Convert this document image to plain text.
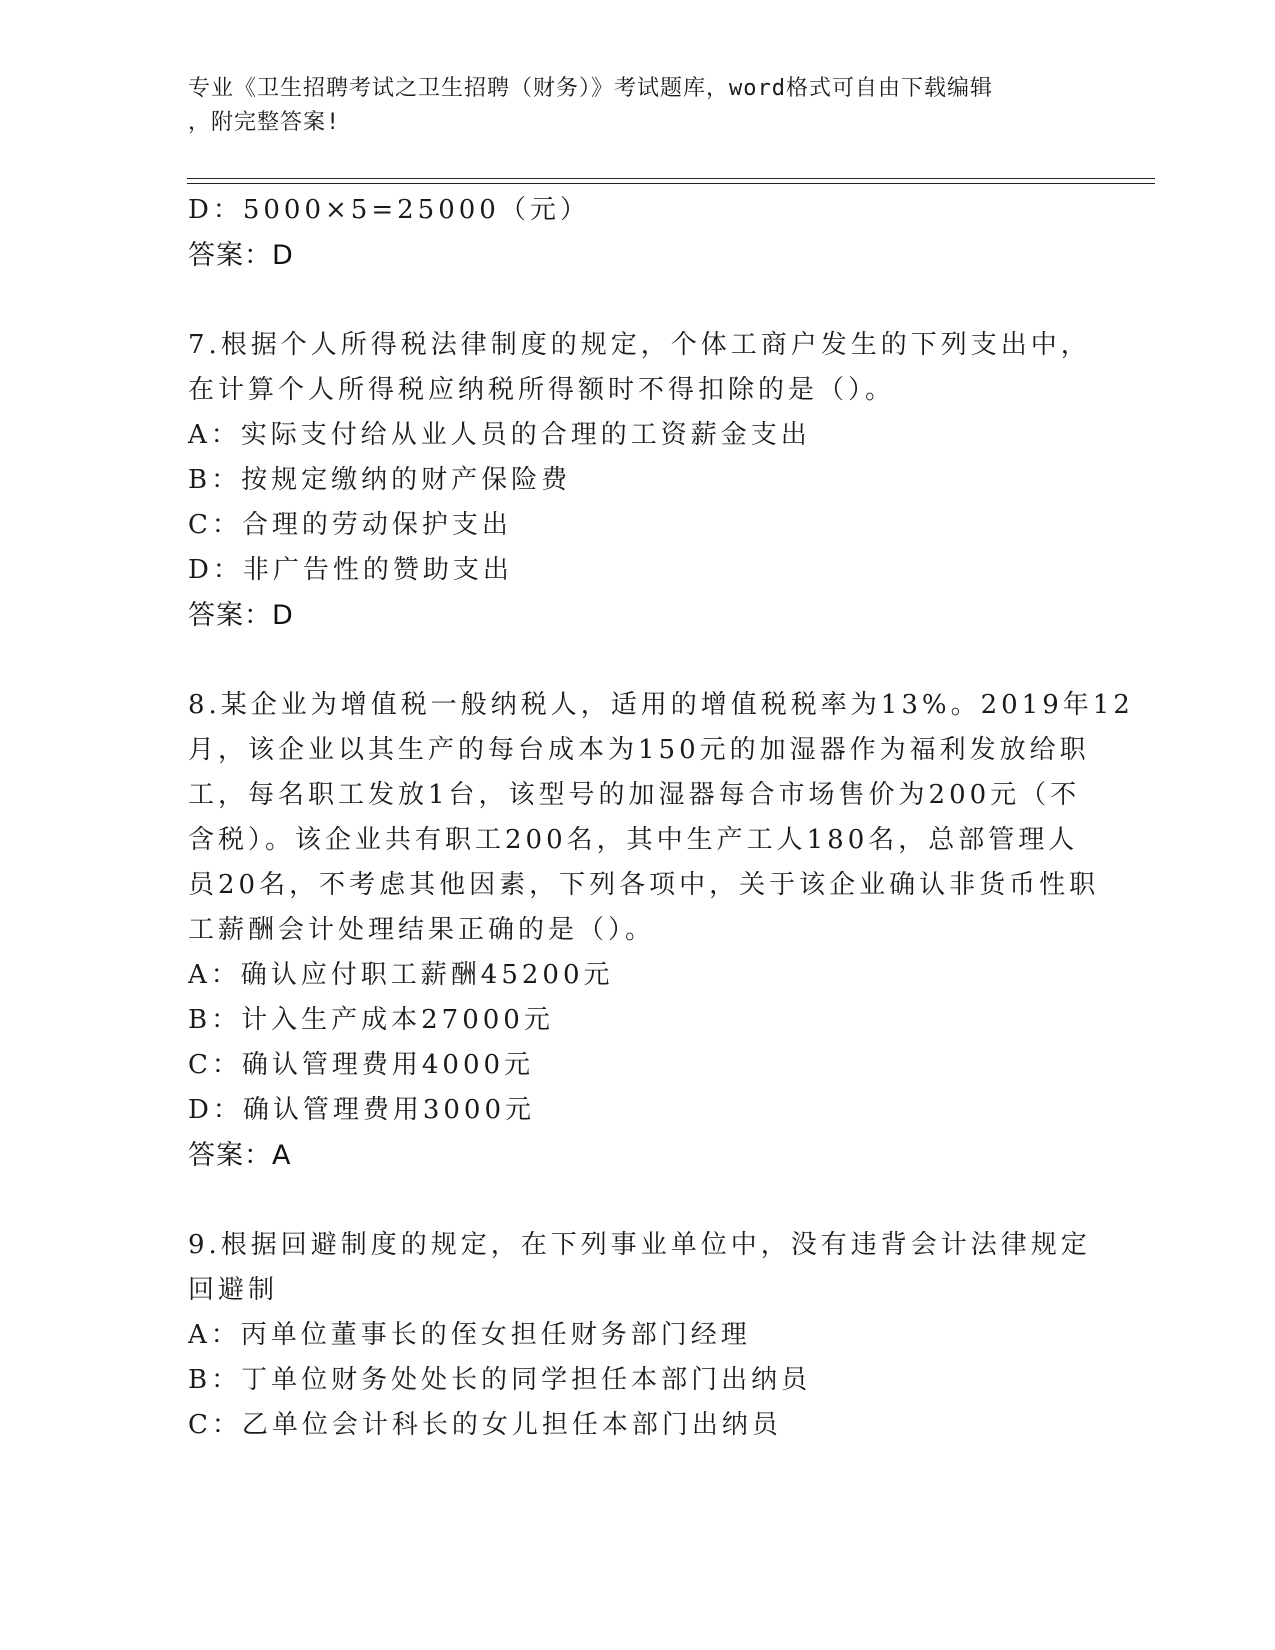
专业《卫生招聘考试之卫生招聘（财务）》考试题库，word格式可自由下载编辑
，附完整答案!
D：5000×5=25000（元）
答案：D
7.根据个人所得税法律制度的规定，个体工商户发生的下列支出中，
在计算个人所得税应纳税所得额时不得扣除的是（）。
A：实际支付给从业人员的合理的工资薪金支出
B：按规定缴纳的财产保险费
C：合理的劳动保护支出
D：非广告性的赞助支出
答案：D
8.某企业为增值税一般纳税人，适用的增值税税率为13%。2019年12
月，该企业以其生产的每台成本为150元的加湿器作为福利发放给职
工，每名职工发放1台，该型号的加湿器每合市场售价为200元（不
含税）。该企业共有职工200名，其中生产工人180名，总部管理人
员20名，不考虑其他因素，下列各项中，关于该企业确认非货币性职
工薪酬会计处理结果正确的是（）。
A：确认应付职工薪酬45200元
B：计入生产成本27000元
C：确认管理费用4000元
D：确认管理费用3000元
答案：A
9.根据回避制度的规定，在下列事业单位中，没有违背会计法律规定
回避制
A：丙单位董事长的侄女担任财务部门经理
B：丁单位财务处处长的同学担任本部门出纳员
C：乙单位会计科长的女儿担任本部门出纳员
